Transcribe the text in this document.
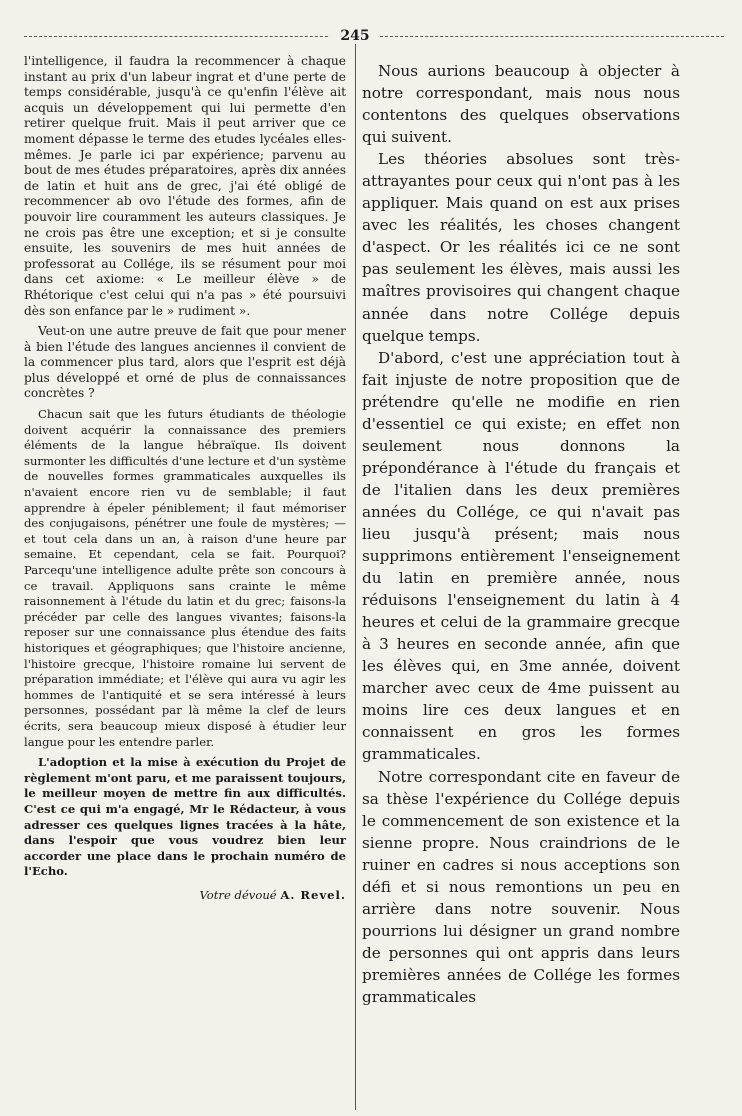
245

l'intelligence, il faudra la recommencer à chaque instant au prix d'un labeur ingrat et d'une perte de temps considérable, jusqu'à ce qu'enfin l'élève ait acquis un développement qui lui permette d'en retirer quelque fruit. Mais il peut arriver que ce moment dépasse le terme des etudes lycéales elles-mêmes. Je parle ici par expérience; parvenu au bout de mes études préparatoires, après dix années de latin et huit ans de grec, j'ai été obligé de recommencer ab ovo l'étude des formes, afin de pouvoir lire couramment les auteurs classiques. Je ne crois pas être une exception; et si je consulte ensuite, les souvenirs de mes huit années de professorat au Collége, ils se résument pour moi dans cet axiome: « Le meilleur élève » de Rhétorique c'est celui qui n'a pas » été poursuivi dès son enfance par le » rudiment ».

Veut-on une autre preuve de fait que pour mener à bien l'étude des langues anciennes il convient de la commencer plus tard, alors que l'esprit est déjà plus développé et orné de plus de connaissances concrètes ?

Chacun sait que les futurs étudiants de théologie doivent acquérir la connaissance des premiers éléments de la langue hébraïque. Ils doivent surmonter les difficultés d'une lecture et d'un système de nouvelles formes grammaticales auxquelles ils n'avaient encore rien vu de semblable; il faut apprendre à épeler péniblement; il faut mémoriser des conjugaisons, pénétrer une foule de mystères; — et tout cela dans un an, à raison d'une heure par semaine. Et cependant, cela se fait. Pourquoi? Parcequ'une intelligence adulte prête son concours à ce travail. Appliquons sans crainte le même raisonnement à l'étude du latin et du grec; faisons-la précéder par celle des langues vivantes; faisons-la reposer sur une connaissance plus étendue des faits historiques et géographiques; que l'histoire ancienne, l'histoire grecque, l'histoire romaine lui servent de préparation immédiate; et l'élève qui aura vu agir les hommes de l'antiquité et se sera intéressé à leurs personnes, possédant par là même la clef de leurs écrits, sera beaucoup mieux disposé à étudier leur langue pour les entendre parler.

L'adoption et la mise à exécution du Projet de règlement m'ont paru, et me paraissent toujours, le meilleur moyen de mettre fin aux difficultés. C'est ce qui m'a engagé, Mr le Rédacteur, à vous adresser ces quelques lignes tracées à la hâte, dans l'espoir que vous voudrez bien leur accorder une place dans le prochain numéro de l'Echo.

Votre dévoué A. Revel.

Nous aurions beaucoup à objecter à notre correspondant, mais nous nous contentons des quelques observations qui suivent.

Les théories absolues sont très-attrayantes pour ceux qui n'ont pas à les appliquer. Mais quand on est aux prises avec les réalités, les choses changent d'aspect. Or les réalités ici ce ne sont pas seulement les élèves, mais aussi les maîtres provisoires qui changent chaque année dans notre Collége depuis quelque temps.

D'abord, c'est une appréciation tout à fait injuste de notre proposition que de prétendre qu'elle ne modifie en rien d'essentiel ce qui existe; en effet non seulement nous donnons la prépondérance à l'étude du français et de l'italien dans les deux premières années du Collége, ce qui n'avait pas lieu jusqu'à présent; mais nous supprimons entièrement l'enseignement du latin en première année, nous réduisons l'enseignement du latin à 4 heures et celui de la grammaire grecque à 3 heures en seconde année, afin que les élèves qui, en 3me année, doivent marcher avec ceux de 4me puissent au moins lire ces deux langues et en connaissent en gros les formes grammaticales.

Notre correspondant cite en faveur de sa thèse l'expérience du Collége depuis le commencement de son existence et la sienne propre. Nous craindrions de le ruiner en cadres si nous acceptions son défi et si nous remontions un peu en arrière dans notre souvenir. Nous pourrions lui désigner un grand nombre de personnes qui ont appris dans leurs premières années de Collége les formes grammaticales
